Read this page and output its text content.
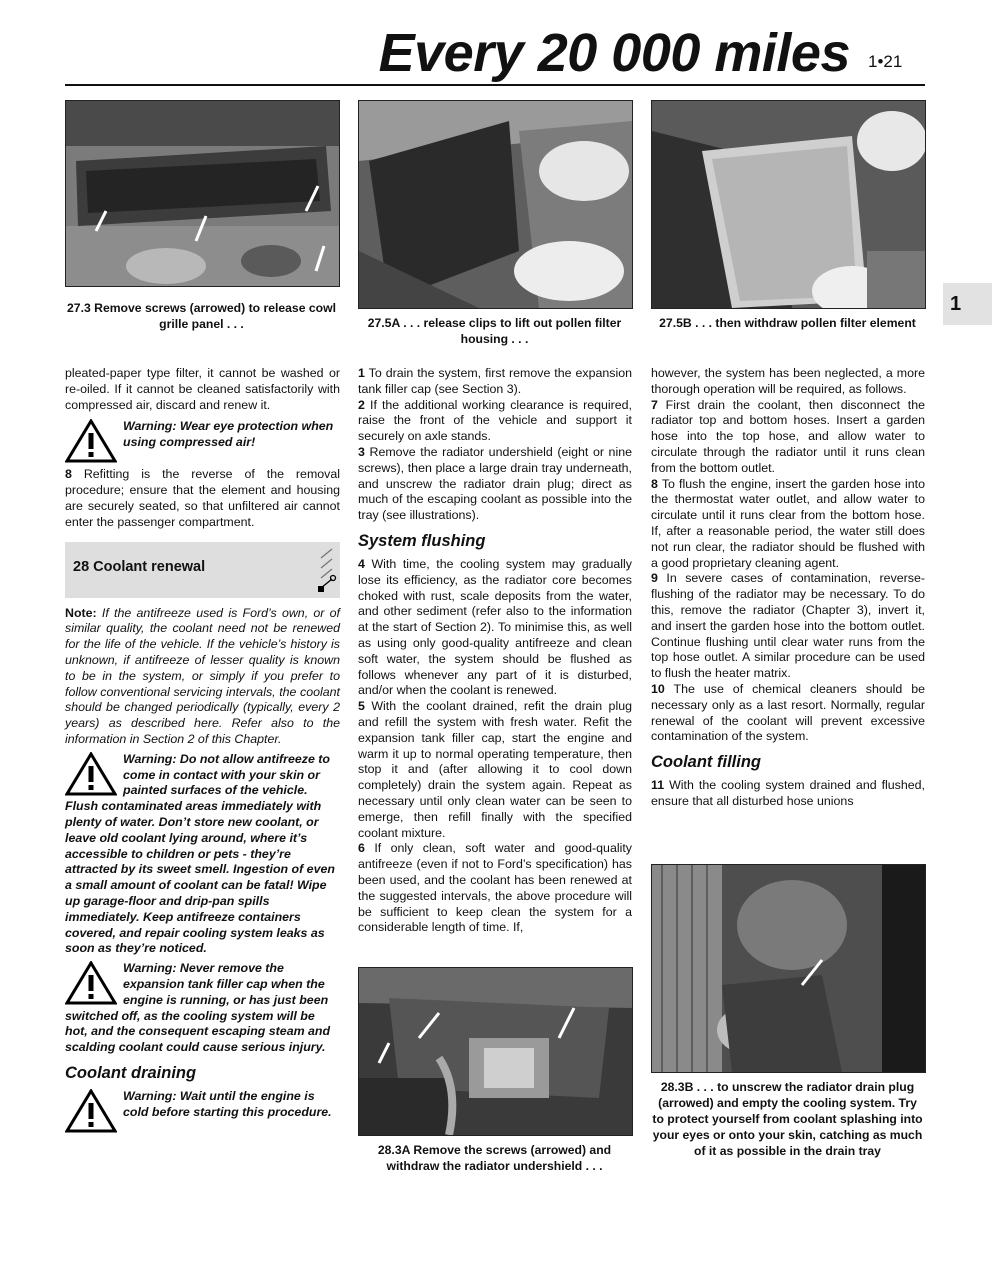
Every 20 000 miles 1•21
1
27.3 Remove screws (arrowed) to release cowl grille panel . . .	27.5A . . . release clips to lift out pollen filter housing . . .
27.5B . . . then withdraw pollen filter element

pleated-paper type filter, it cannot be washed or re-oiled. If it cannot be cleaned satisfactorily with compressed air, discard and renew it.

Warning: Wear eye protection when using compressed air!

8 Refitting is the reverse of the removal procedure; ensure that the element and housing are securely seated, so that unfiltered air cannot enter the passenger compartment.

28 Coolant renewal

Note: If the antifreeze used is Ford’s own, or of similar quality, the coolant need not be renewed for the life of the vehicle. If the vehicle’s history is unknown, if antifreeze of lesser quality is known to be in the system, or simply if you prefer to follow conventional servicing intervals, the coolant should be changed periodically (typically, every 2 years) as described here. Refer also to the information in Section 2 of this Chapter.

Warning: Do not allow antifreeze to come in contact with your skin or painted surfaces of the vehicle. Flush contaminated areas immediately with plenty of water. Don’t store new coolant, or leave old coolant lying around, where it’s accessible to children or pets - they’re attracted by its sweet smell. Ingestion of even a small amount of coolant can be fatal! Wipe up garage-floor and drip-pan spills immediately. Keep antifreeze containers covered, and repair cooling system leaks as soon as they’re noticed.
Warning: Never remove the expansion tank filler cap when the engine is running, or has just been switched off, as the cooling system will be hot, and the consequent escaping steam and scalding coolant could cause serious injury.
Coolant draining
Warning: Wait until the engine is cold before starting this procedure.

1 To drain the system, first remove the expansion tank filler cap (see Section 3).

2 If the additional working clearance is required, raise the front of the vehicle and support it securely on axle stands.

3 Remove the radiator undershield (eight or nine screws), then place a large drain tray underneath, and unscrew the radiator drain plug; direct as much of the escaping coolant as possible into the tray (see illustrations).

System flushing

4 With time, the cooling system may gradually lose its efficiency, as the radiator core becomes choked with rust, scale deposits from the water, and other sediment (refer also to the information at the start of Section 2). To minimise this, as well as using only good-quality antifreeze and clean soft water, the system should be flushed as follows whenever any part of it is disturbed, and/or when the coolant is renewed.

5 With the coolant drained, refit the drain plug and refill the system with fresh water. Refit the expansion tank filler cap, start the engine and warm it up to normal operating temperature, then stop it and (after allowing it to cool down completely) drain the system again. Repeat as necessary until only clean water can be seen to emerge, then refill finally with the specified coolant mixture.

6 If only clean, soft water and good-quality antifreeze (even if not to Ford’s specification) has been used, and the coolant has been renewed at the suggested intervals, the above procedure will be sufficient to keep clean the system for a considerable length of time. If,

28.3A Remove the screws (arrowed) and withdraw the radiator undershield . . .

however, the system has been neglected, a more thorough operation will be required, as follows.

7 First drain the coolant, then disconnect the radiator top and bottom hoses. Insert a garden hose into the top hose, and allow water to circulate through the radiator until it runs clean from the bottom outlet.

8 To flush the engine, insert the garden hose into the thermostat water outlet, and allow water to circulate until it runs clear from the bottom hose. If, after a reasonable period, the water still does not run clear, the radiator should be flushed with a good proprietary cleaning agent.

9 In severe cases of contamination, reverse-flushing of the radiator may be necessary. To do this, remove the radiator (Chapter 3), invert it, and insert the garden hose into the bottom outlet. Continue flushing until clear water runs from the top hose outlet. A similar procedure can be used to flush the heater matrix.

10 The use of chemical cleaners should be necessary only as a last resort. Normally, regular renewal of the coolant will prevent excessive contamination of the system.

Coolant filling

11 With the cooling system drained and flushed, ensure that all disturbed hose unions

28.3B . . . to unscrew the radiator drain plug (arrowed) and empty the cooling system. Try to protect yourself from coolant splashing into your eyes or onto your skin, catching as much of it as possible in the drain tray
